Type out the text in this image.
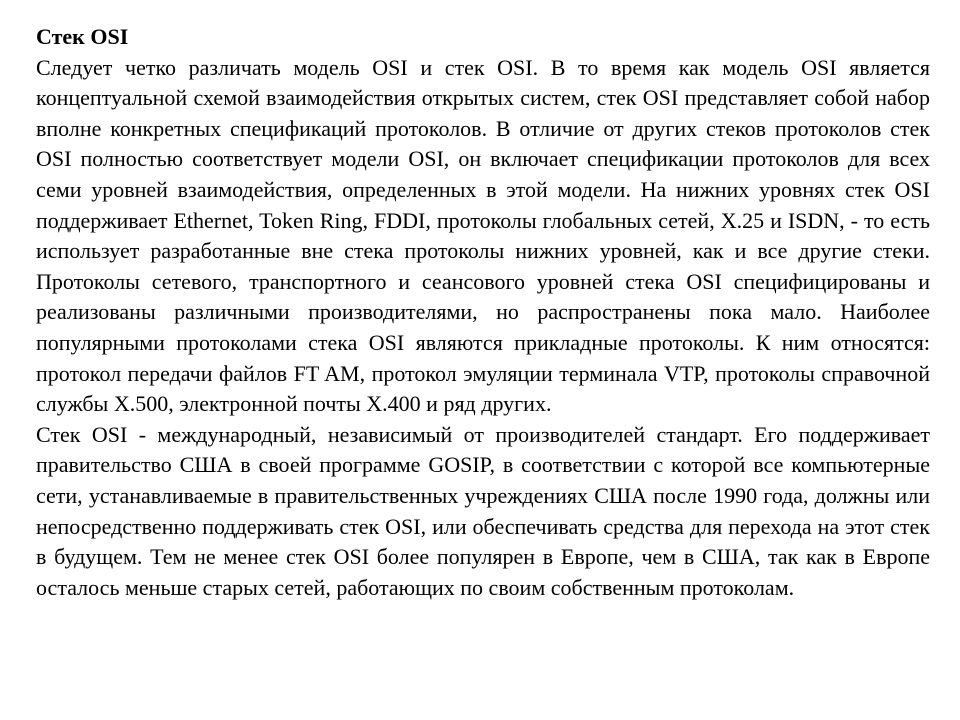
Стек OSI

Следует четко различать модель OSI и стек OSI. В то время как модель OSI является концептуальной схемой взаимодействия открытых систем, стек OSI представляет собой набор вполне конкретных спецификаций протоколов. В отличие от других стеков протоколов стек OSI полностью соответствует модели OSI, он включает спецификации протоколов для всех семи уровней взаимодействия, определенных в этой модели. На нижних уровнях стек OSI поддерживает Ethernet, Token Ring, FDDI, протоколы глобальных сетей, X.25 и ISDN, - то есть использует разработанные вне стека протоколы нижних уровней, как и все другие стеки. Протоколы сетевого, транспортного и сеансового уровней стека OSI специфицированы и реализованы различными производителями, но распространены пока мало. Наиболее популярными протоколами стека OSI являются прикладные протоколы. К ним относятся: протокол передачи файлов FT AM, протокол эмуляции терминала VTP, протоколы справочной службы X.500, электронной почты X.400 и ряд других.

Стек OSI - международный, независимый от производителей стандарт. Его поддерживает правительство США в своей программе GOSIP, в соответствии с которой все компьютерные сети, устанавливаемые в правительственных учреждениях США после 1990 года, должны или непосредственно поддерживать стек OSI, или обеспечивать средства для перехода на этот стек в будущем. Тем не менее стек OSI более популярен в Европе, чем в США, так как в Европе осталось меньше старых сетей, работающих по своим собственным протоколам.
